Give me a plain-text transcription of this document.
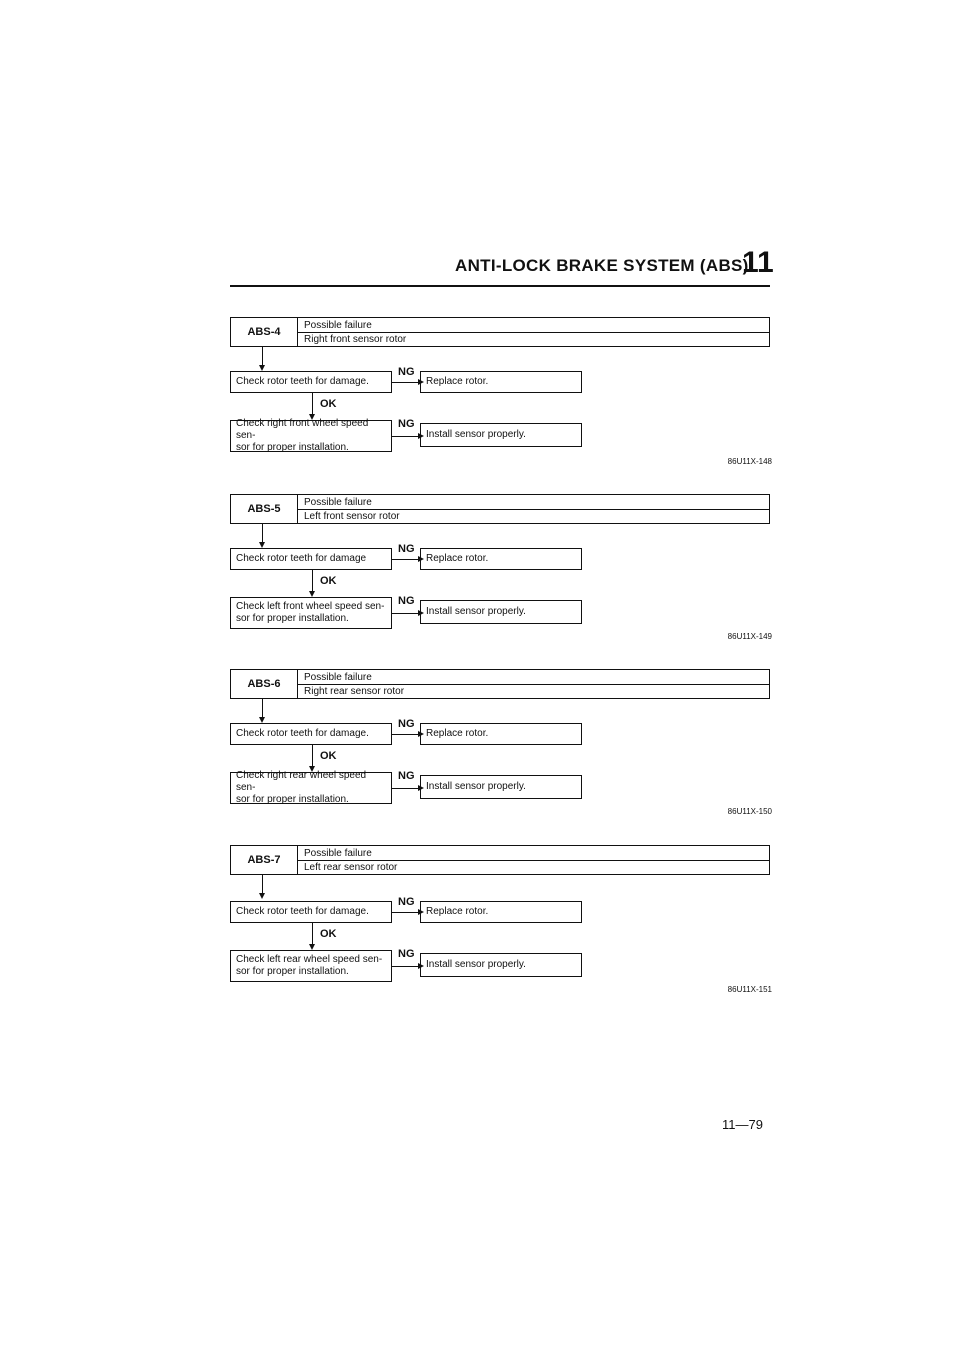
ANTI-LOCK BRAKE SYSTEM (ABS)
11
ABS-4
Possible failure
Right front sensor rotor
Check rotor teeth for damage.
NG
Replace rotor.
OK
Check right front wheel speed sen-
sor for proper installation.
NG
Install sensor properly.
86U11X-148
ABS-5
Possible failure
Left front sensor rotor
Check rotor teeth for damage
NG
Replace rotor.
OK
Check left front wheel speed sen-
sor for proper installation.
NG
Install sensor properly.
86U11X-149
ABS-6
Possible failure
Right rear sensor rotor
Check rotor teeth for damage.
NG
Replace rotor.
OK
Check right rear wheel speed sen-
sor for proper installation.
NG
Install sensor properly.
86U11X-150
ABS-7
Possible failure
Left rear sensor rotor
Check rotor teeth for damage.
NG
Replace rotor.
OK
Check left rear wheel speed sen-
sor for proper installation.
NG
Install sensor properly.
86U11X-151
11—79
